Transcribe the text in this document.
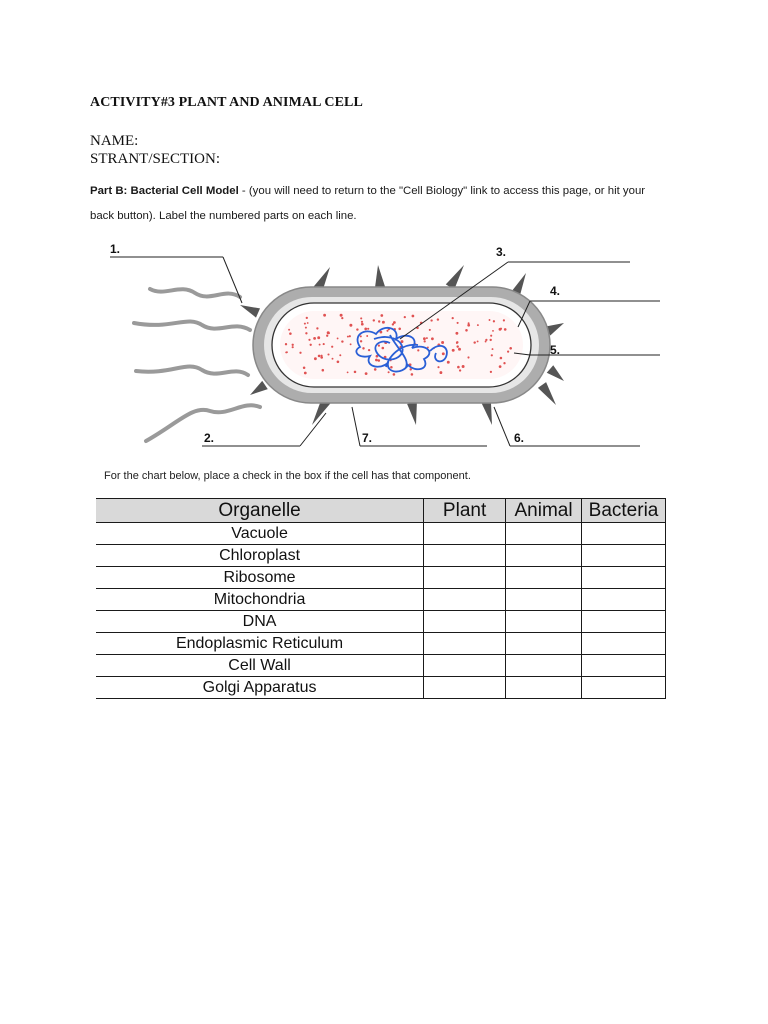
ACTIVITY#3 PLANT AND ANIMAL CELL
NAME:
STRANT/SECTION:
Part B: Bacterial Cell Model - (you will need to return to the "Cell Biology" link to access this page, or hit your back button). Label the numbered parts on each line.
1.	3.
4.
5.
2.	7.	6.
For the chart below, place a check in the box if the cell has that component.
Organelle	Plant	Animal	Bacteria
Vacuole			
Chloroplast			
Ribosome			
Mitochondria			
DNA			
Endoplasmic Reticulum			
Cell Wall			
Golgi Apparatus			
